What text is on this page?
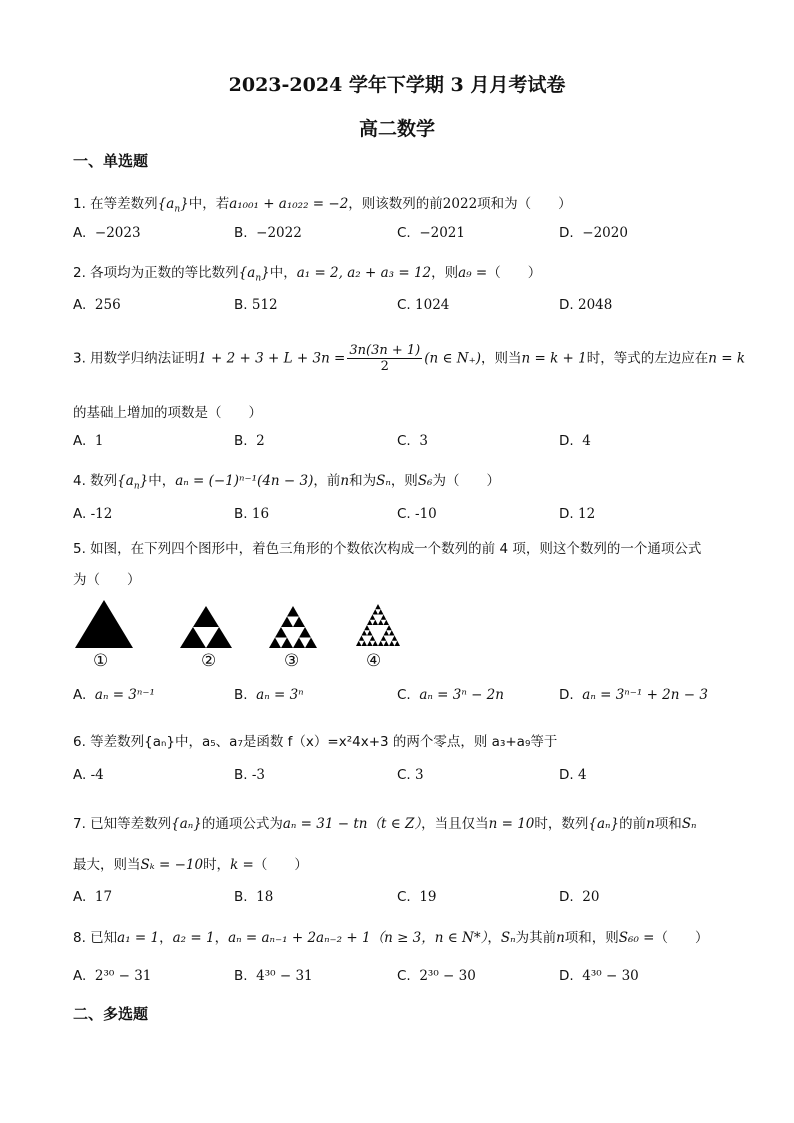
2023-2024 学年下学期 3 月月考试卷
高二数学
一、单选题
1. 在等差数列$\{a_n\}$中，若a₁₀₀₁ + a₁₀₂₂ = −2，则该数列的前2022项和为（　　）
A. −2023	B. −2022	C. −2021	D. −2020
2. 各项均为正数的等比数列$\{a_n\}$中，a₁ = 2, a₂ + a₃ = 12，则a₉ =（　　）
A. 256	B. 512	C. 1024	D. 2048
3. 用数学归纳法证明$1 + 2 + 3 + L + 3n = \frac{3n(3n + 1)}{2} (n$ ∈ N₊)，则当n = k + 1时，等式的左边应在n = k
的基础上增加的项数是（　　）
A. 1	B. 2	C. 3	D. 4
4. 数列$\{a_n\}$中，aₙ = (−1)ⁿ⁻¹(4n − 3)，前n和为Sₙ，则S₆为（　　）
A. -12	B. 16	C. -10	D. 12
5. 如图，在下列四个图形中，着色三角形的个数依次构成一个数列的前 4 项，则这个数列的一个通项公式
为（　　）
①	②	③	④
A. aₙ = 3ⁿ⁻¹	B. aₙ = 3ⁿ	C. aₙ = 3ⁿ − 2n	D. aₙ = 3ⁿ⁻¹ + 2n − 3
6. 等差数列{aₙ}中，a₅、a₇是函数 f（x）=x²4x+3 的两个零点，则 a₃+a₉等于
A. -4	B. -3	C. 3	D. 4
7. 已知等差数列{aₙ}的通项公式为aₙ = 31 − tn（t ∈ Z），当且仅当n = 10时，数列{aₙ}的前n项和Sₙ
最大，则当Sₖ = −10时，k =（　　）
A. 17	B. 18	C. 19	D. 20
8. 已知a₁ = 1，a₂ = 1，aₙ = aₙ₋₁ + 2aₙ₋₂ + 1（n ≥ 3，n ∈ N*），Sₙ为其前n项和，则S₆₀ =（　　）
A. 2³⁰ − 31	B. 4³⁰ − 31	C. 2³⁰ − 30	D. 4³⁰ − 30
二、多选题
